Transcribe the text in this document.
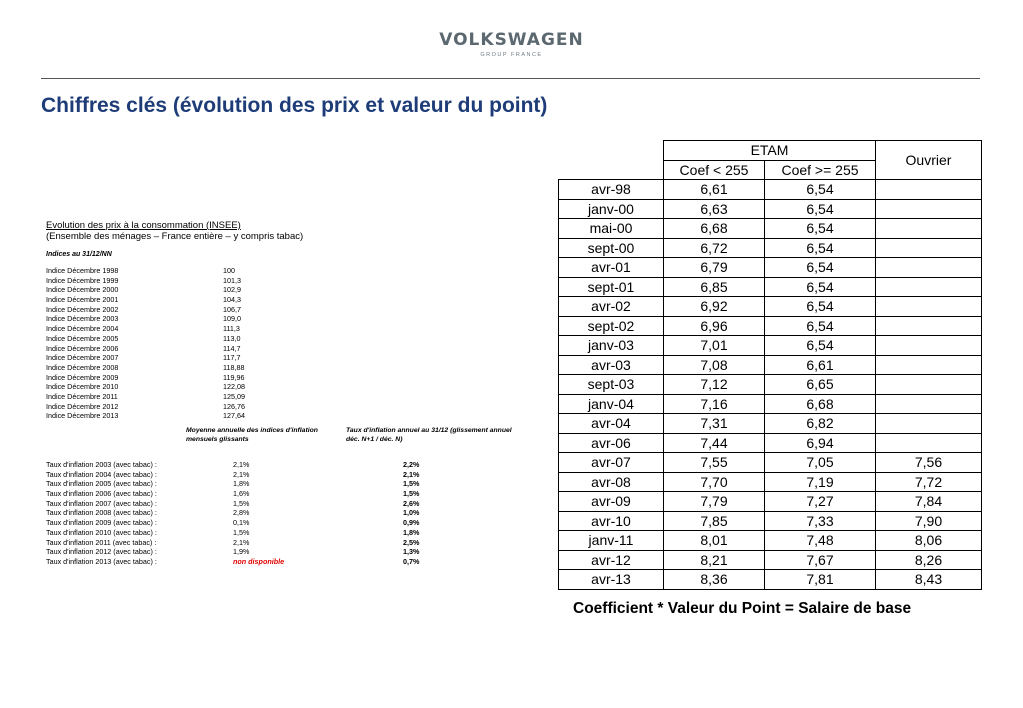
VOLKSWAGEN
GROUP FRANCE
Chiffres clés (évolution des prix et valeur du point)
Evolution des prix à la consommation (INSEE)
(Ensemble des ménages – France entière – y compris tabac)
Indices au 31/12/NN
Indice Décembre 1998	100
Indice Décembre 1999	101,3
Indice Décembre 2000	102,9
Indice Décembre 2001	104,3
Indice Décembre 2002	106,7
Indice Décembre 2003	109,0
Indice Décembre 2004	111,3
Indice Décembre 2005	113,0
Indice Décembre 2006	114,7
Indice Décembre 2007	117,7
Indice Décembre 2008	118,88
Indice Décembre 2009	119,96
Indice Décembre 2010	122,08
Indice Décembre 2011	125,09
Indice Décembre 2012	126,76
Indice Décembre 2013	127,64
Moyenne annuelle des indices d'inflation mensuels glissants
Taux d'inflation annuel au 31/12 (glissement annuel déc. N+1 / déc. N)
Taux d'inflation 2003 (avec tabac) :	2,1%	2,2%
Taux d'inflation 2004 (avec tabac) :	2,1%	2,1%
Taux d'inflation 2005 (avec tabac) :	1,8%	1,5%
Taux d'inflation 2006 (avec tabac) :	1,6%	1,5%
Taux d'inflation 2007 (avec tabac) :	1,5%	2,6%
Taux d'inflation 2008 (avec tabac) :	2,8%	1,0%
Taux d'inflation 2009 (avec tabac) :	0,1%	0,9%
Taux d'inflation 2010 (avec tabac) :	1,5%	1,8%
Taux d'inflation 2011 (avec tabac) :	2,1%	2,5%
Taux d'inflation 2012 (avec tabac) :	1,9%	1,3%
Taux d'inflation 2013 (avec tabac) :	non disponible	0,7%
	ETAM		Ouvrier
	Coef < 255	Coef >= 255	
avr-98	6,61	6,54	
janv-00	6,63	6,54	
mai-00	6,68	6,54	
sept-00	6,72	6,54	
avr-01	6,79	6,54	
sept-01	6,85	6,54	
avr-02	6,92	6,54	
sept-02	6,96	6,54	
janv-03	7,01	6,54	
avr-03	7,08	6,61	
sept-03	7,12	6,65	
janv-04	7,16	6,68	
avr-04	7,31	6,82	
avr-06	7,44	6,94	
avr-07	7,55	7,05	7,56
avr-08	7,70	7,19	7,72
avr-09	7,79	7,27	7,84
avr-10	7,85	7,33	7,90
janv-11	8,01	7,48	8,06
avr-12	8,21	7,67	8,26
avr-13	8,36	7,81	8,43
Coefficient * Valeur du Point = Salaire de base
